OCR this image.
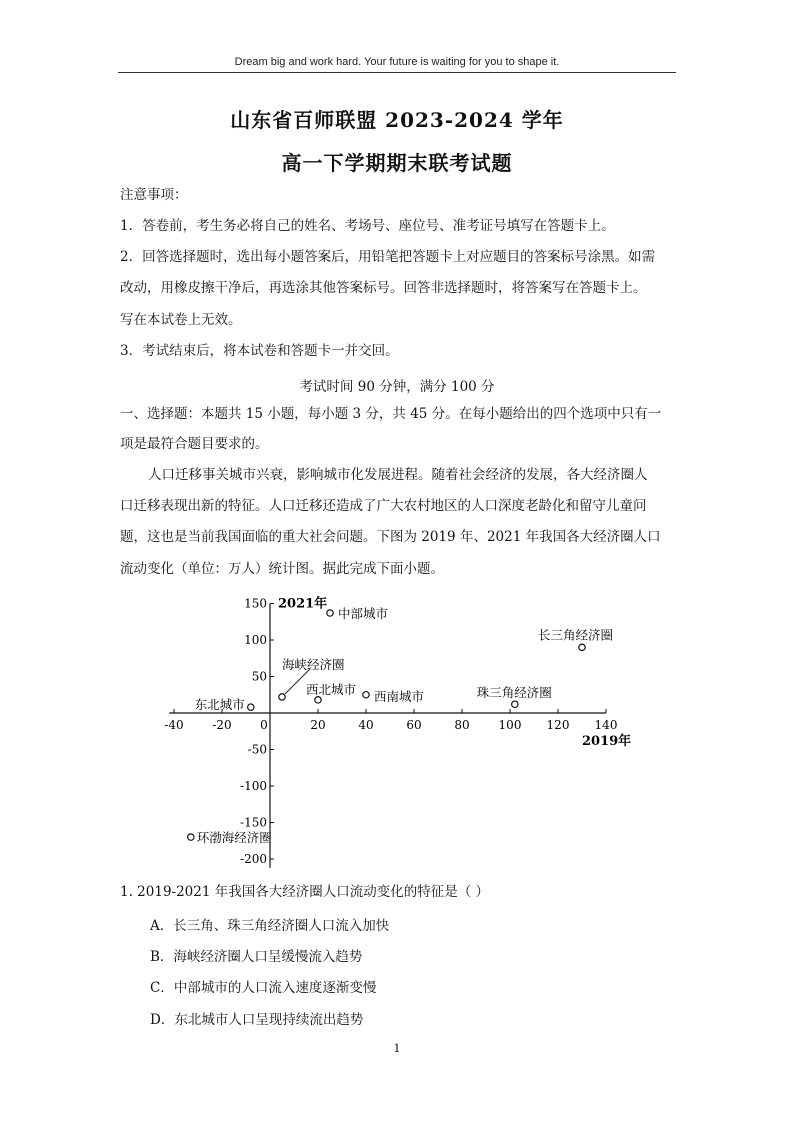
Dream big and work hard. Your future is waiting for you to shape it.
山东省百师联盟 2023-2024 学年
高一下学期期末联考试题
注意事项：
1．答卷前，考生务必将自己的姓名、考场号、座位号、准考证号填写在答题卡上。
2．回答选择题时，选出每小题答案后，用铅笔把答题卡上对应题目的答案标号涂黑。如需
改动，用橡皮擦干净后，再选涂其他答案标号。回答非选择题时，将答案写在答题卡上。
写在本试卷上无效。
3．考试结束后，将本试卷和答题卡一并交回。
考试时间 90 分钟，满分 100 分
一、选择题：本题共 15 小题，每小题 3 分，共 45 分。在每小题给出的四个选项中只有一
项是最符合题目要求的。
人口迁移事关城市兴衰，影响城市化发展进程。随着社会经济的发展，各大经济圈人
口迁移表现出新的特征。人口迁移还造成了广大农村地区的人口深度老龄化和留守儿童问
题，这也是当前我国面临的重大社会问题。下图为 2019 年、2021 年我国各大经济圈人口
流动变化（单位：万人）统计图。据此完成下面小题。
-40 -20 0	20	40	60	80 100 120 140
150
100
50
-50
-100
-150
-200
2021年
2019年
中部城市
长三角经济圈
海峡经济圈
西北城市 西南城市	珠三角经济圈
东北城市
环渤海经济圈
1. 2019-2021 年我国各大经济圈人口流动变化的特征是（ ）
A．长三角、珠三角经济圈人口流入加快
B．海峡经济圈人口呈缓慢流入趋势
C．中部城市的人口流入速度逐渐变慢
D．东北城市人口呈现持续流出趋势
1
